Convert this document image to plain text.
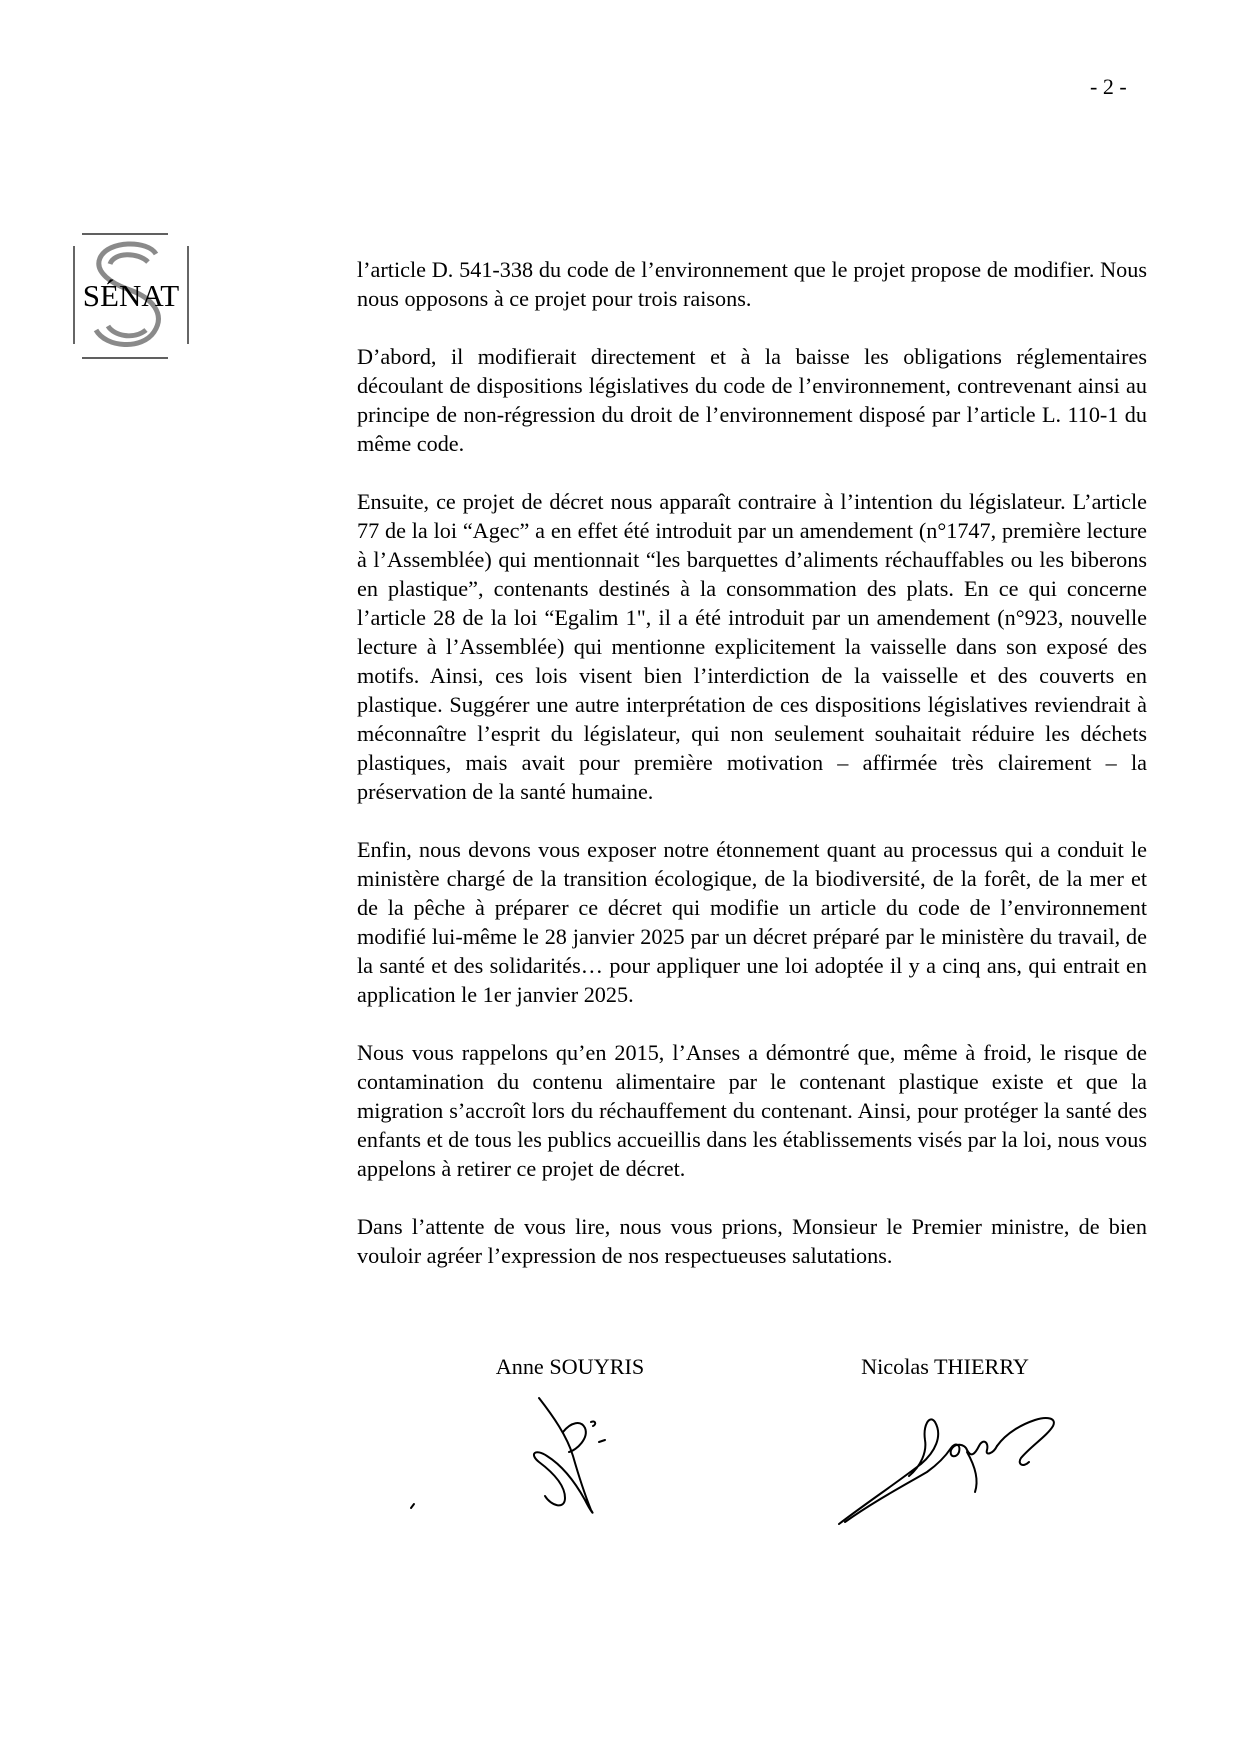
- 2 -
SÉNAT

l’article D. 541-338 du code de l’environnement que le projet propose de modifier. Nous nous opposons à ce projet pour trois raisons.

D’abord, il modifierait directement et à la baisse les obligations réglementaires découlant de dispositions législatives du code de l’environnement, contrevenant ainsi au principe de non-régression du droit de l’environnement disposé par l’article L. 110-1 du même code.

Ensuite, ce projet de décret nous apparaît contraire à l’intention du législateur. L’article 77 de la loi “Agec” a en effet été introduit par un amendement (n°1747, première lecture à l’Assemblée) qui mentionnait “les barquettes d’aliments réchauffables ou les biberons en plastique”, contenants destinés à la consommation des plats. En ce qui concerne l’article 28 de la loi “Egalim 1", il a été introduit par un amendement (n°923, nouvelle lecture à l’Assemblée) qui mentionne explicitement la vaisselle dans son exposé des motifs. Ainsi, ces lois visent bien l’interdiction de la vaisselle et des couverts en plastique. Suggérer une autre interprétation de ces dispositions législatives reviendrait à méconnaître l’esprit du législateur, qui non seulement souhaitait réduire les déchets plastiques, mais avait pour première motivation – affirmée très clairement – la préservation de la santé humaine.

Enfin, nous devons vous exposer notre étonnement quant au processus qui a conduit le ministère chargé de la transition écologique, de la biodiversité, de la forêt, de la mer et de la pêche à préparer ce décret qui modifie un article du code de l’environnement modifié lui-même le 28 janvier 2025 par un décret préparé par le ministère du travail, de la santé et des solidarités… pour appliquer une loi adoptée il y a cinq ans, qui entrait en application le 1er janvier 2025.

Nous vous rappelons qu’en 2015, l’Anses a démontré que, même à froid, le risque de contamination du contenu alimentaire par le contenant plastique existe et que la migration s’accroît lors du réchauffement du contenant. Ainsi, pour protéger la santé des enfants et de tous les publics accueillis dans les établissements visés par la loi, nous vous appelons à retirer ce projet de décret.

Dans l’attente de vous lire, nous vous prions, Monsieur le Premier ministre, de bien vouloir agréer l’expression de nos respectueuses salutations.

Anne SOUYRIS	Nicolas THIERRY
